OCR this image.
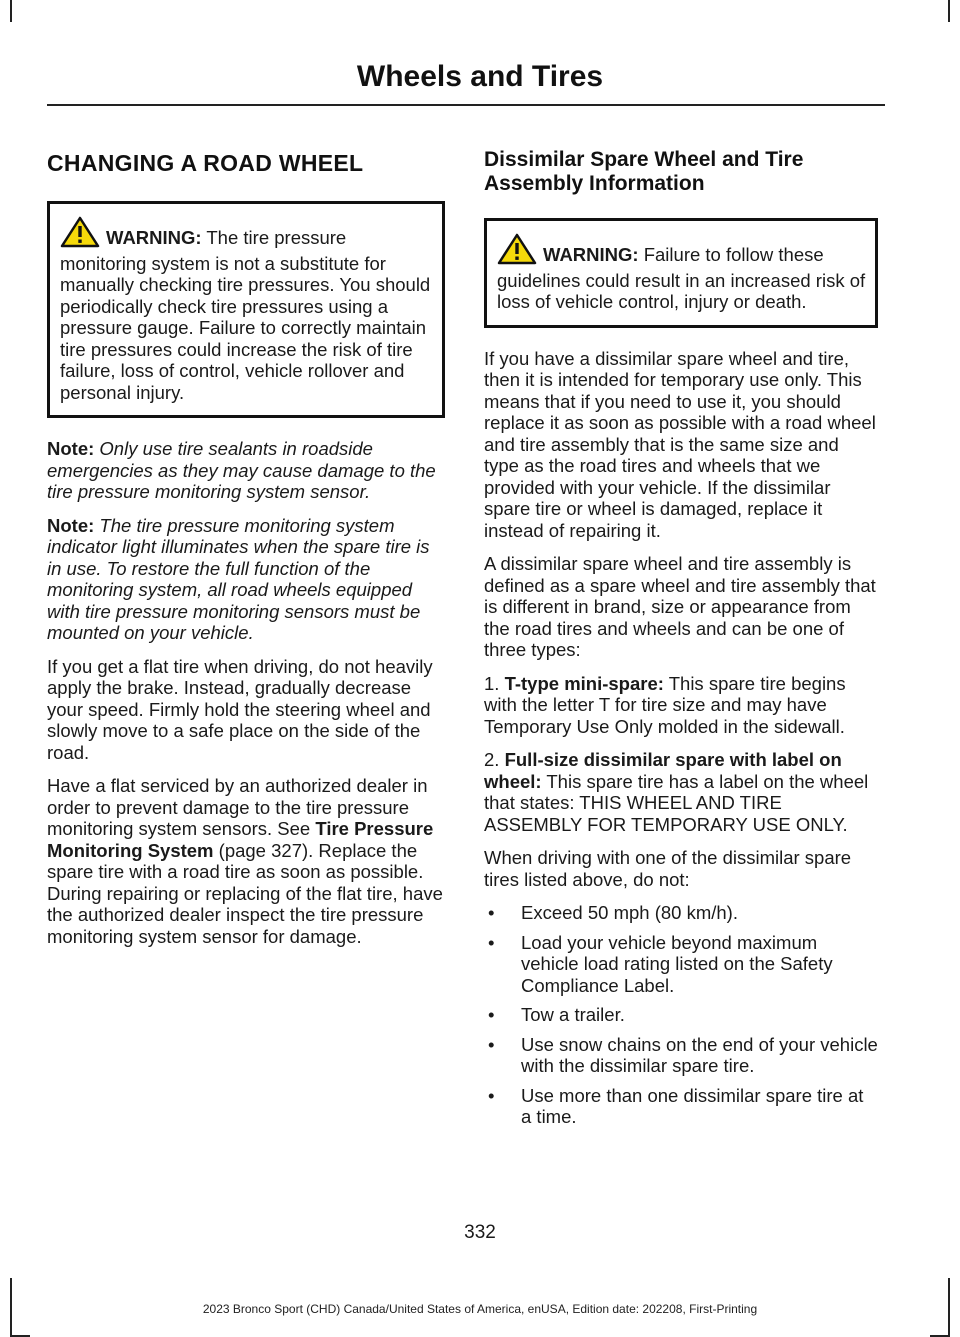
Wheels and Tires
CHANGING A ROAD WHEEL
WARNING: The tire pressure monitoring system is not a substitute for manually checking tire pressures. You should periodically check tire pressures using a pressure gauge. Failure to correctly maintain tire pressures could increase the risk of tire failure, loss of control, vehicle rollover and personal injury.

Note: Only use tire sealants in roadside emergencies as they may cause damage to the tire pressure monitoring system sensor.

Note: The tire pressure monitoring system indicator light illuminates when the spare tire is in use. To restore the full function of the monitoring system, all road wheels equipped with tire pressure monitoring sensors must be mounted on your vehicle.

If you get a flat tire when driving, do not heavily apply the brake. Instead, gradually decrease your speed. Firmly hold the steering wheel and slowly move to a safe place on the side of the road.

Have a flat serviced by an authorized dealer in order to prevent damage to the tire pressure monitoring system sensors. See Tire Pressure Monitoring System (page 327). Replace the spare tire with a road tire as soon as possible. During repairing or replacing of the flat tire, have the authorized dealer inspect the tire pressure monitoring system sensor for damage.

Dissimilar Spare Wheel and Tire Assembly Information
WARNING: Failure to follow these guidelines could result in an increased risk of loss of vehicle control, injury or death.

If you have a dissimilar spare wheel and tire, then it is intended for temporary use only. This means that if you need to use it, you should replace it as soon as possible with a road wheel and tire assembly that is the same size and type as the road tires and wheels that we provided with your vehicle. If the dissimilar spare tire or wheel is damaged, replace it instead of repairing it.

A dissimilar spare wheel and tire assembly is defined as a spare wheel and tire assembly that is different in brand, size or appearance from the road tires and wheels and can be one of three types:

1. T-type mini-spare: This spare tire begins with the letter T for tire size and may have Temporary Use Only molded in the sidewall.

2. Full-size dissimilar spare with label on wheel: This spare tire has a label on the wheel that states: THIS WHEEL AND TIRE ASSEMBLY FOR TEMPORARY USE ONLY.

When driving with one of the dissimilar spare tires listed above, do not:

• Exceed 50 mph (80 km/h).
• Load your vehicle beyond maximum vehicle load rating listed on the Safety Compliance Label.
• Tow a trailer.
• Use snow chains on the end of your vehicle with the dissimilar spare tire.
• Use more than one dissimilar spare tire at a time.
332
2023 Bronco Sport (CHD) Canada/United States of America, enUSA, Edition date: 202208, First-Printing
